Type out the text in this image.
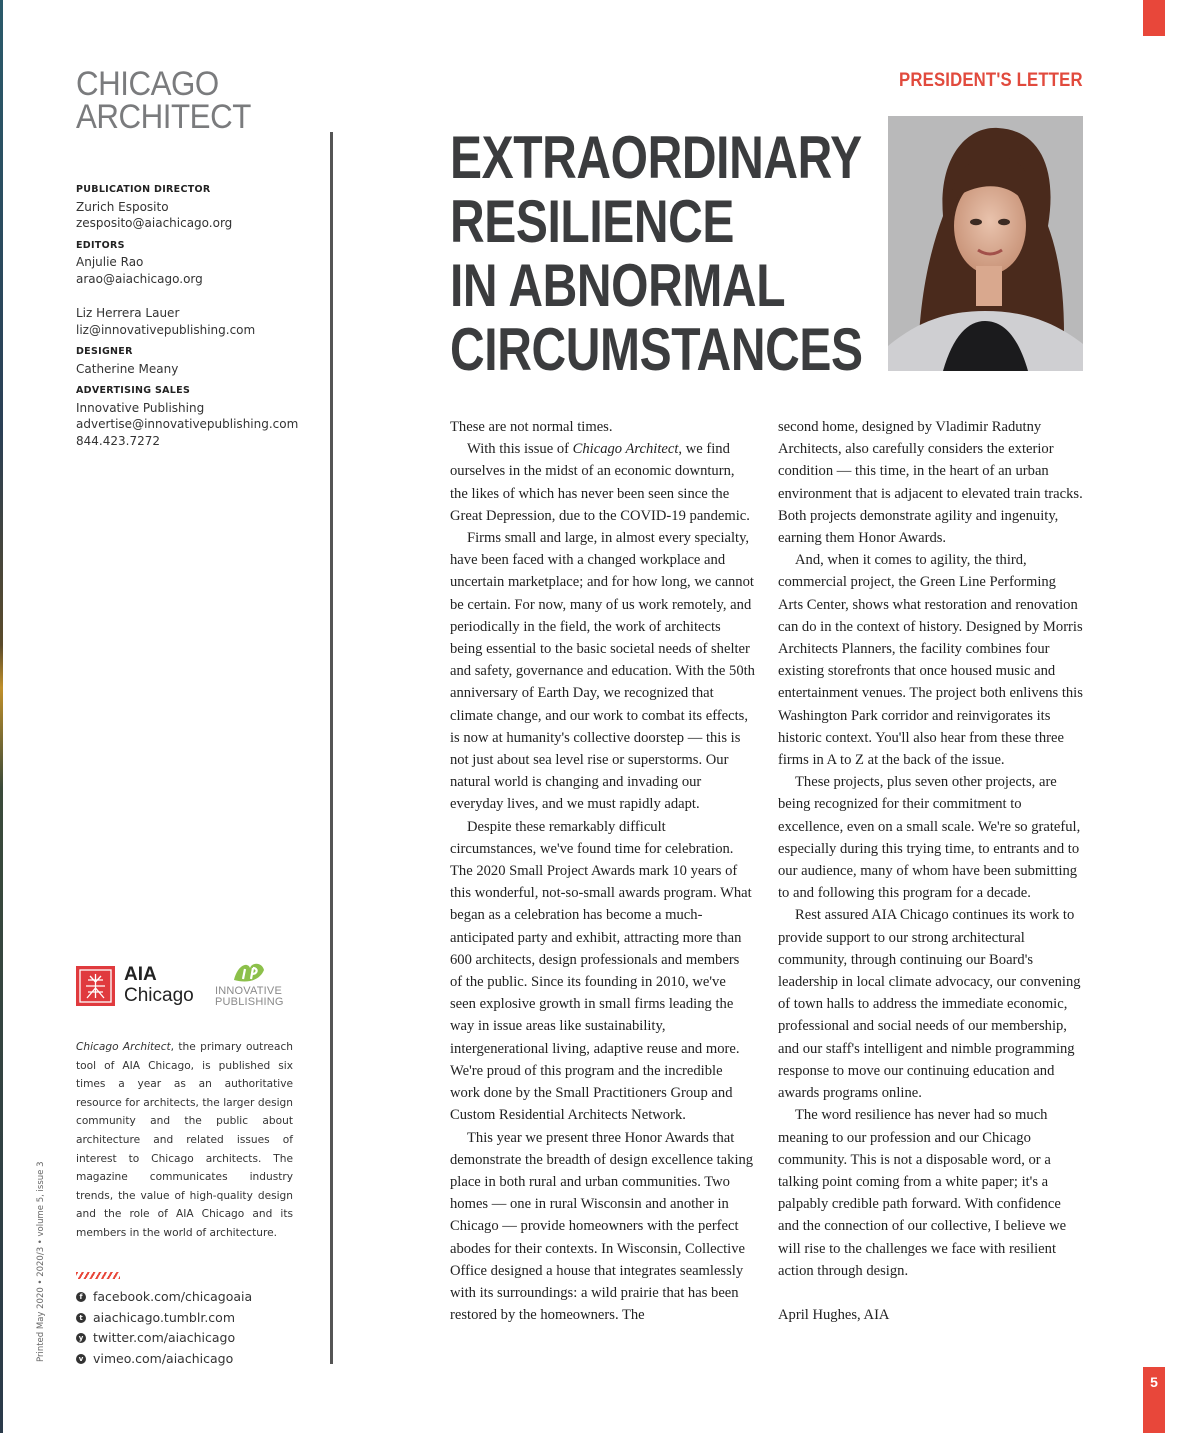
5
CHICAGO
ARCHITECT
PUBLICATION DIRECTOR
Zurich Esposito
zesposito@aiachicago.org
EDITORS
Anjulie Rao
arao@aiachicago.org
Liz Herrera Lauer
liz@innovativepublishing.com
DESIGNER
Catherine Meany
ADVERTISING SALES
Innovative Publishing
advertise@innovativepublishing.com
844.423.7272
AIA
Chicago INNOVATIVE
PUBLISHING
Chicago Architect, the primary outreach tool of AIA Chicago, is published six times a year as an authoritative resource for architects, the larger design community and the public about architecture and related issues of interest to Chicago architects. The magazine communicates industry trends, the value of high-quality design and the role of AIA Chicago and its members in the world of architecture.
f facebook.com/chicagoaia
t aiachicago.tumblr.com
y twitter.com/aiachicago
v vimeo.com/aiachicago
Printed May 2020 • 2020/3 • volume 5, issue 3
PRESIDENT'S LETTER
EXTRAORDINARY
RESILIENCE
IN ABNORMAL
CIRCUMSTANCES

These are not normal times.

With this issue of Chicago Architect, we find ourselves in the midst of an economic downturn, the likes of which has never been seen since the Great Depression, due to the COVID-19 pandemic.

Firms small and large, in almost every specialty, have been faced with a changed workplace and uncertain marketplace; and for how long, we cannot be certain. For now, many of us work remotely, and periodically in the field, the work of architects being essential to the basic societal needs of shelter and safety, governance and education. With the 50th anniversary of Earth Day, we recognized that climate change, and our work to combat its effects, is now at humanity's collective doorstep — this is not just about sea level rise or superstorms. Our natural world is changing and invading our everyday lives, and we must rapidly adapt.

Despite these remarkably difficult circumstances, we've found time for celebration. The 2020 Small Project Awards mark 10 years of this wonderful, not-so-small awards program. What began as a celebration has become a much-anticipated party and exhibit, attracting more than 600 architects, design professionals and members of the public. Since its founding in 2010, we've seen explosive growth in small firms leading the way in issue areas like sustainability, intergenerational living, adaptive reuse and more. We're proud of this program and the incredible work done by the Small Practitioners Group and Custom Residential Architects Network.

This year we present three Honor Awards that demonstrate the breadth of design excellence taking place in both rural and urban communities. Two homes — one in rural Wisconsin and another in Chicago — provide homeowners with the perfect abodes for their contexts. In Wisconsin, Collective Office designed a house that integrates seamlessly with its surroundings: a wild prairie that has been restored by the homeowners. The

second home, designed by Vladimir Radutny Architects, also carefully considers the exterior condition — this time, in the heart of an urban environment that is adjacent to elevated train tracks. Both projects demonstrate agility and ingenuity, earning them Honor Awards.

And, when it comes to agility, the third, commercial project, the Green Line Performing Arts Center, shows what restoration and renovation can do in the context of history. Designed by Morris Architects Planners, the facility combines four existing storefronts that once housed music and entertainment venues. The project both enlivens this Washington Park corridor and reinvigorates its historic context. You'll also hear from these three firms in A to Z at the back of the issue.

These projects, plus seven other projects, are being recognized for their commitment to excellence, even on a small scale. We're so grateful, especially during this trying time, to entrants and to our audience, many of whom have been submitting to and following this program for a decade.

Rest assured AIA Chicago continues its work to provide support to our strong architectural community, through continuing our Board's leadership in local climate advocacy, our convening of town halls to address the immediate economic, professional and social needs of our membership, and our staff's intelligent and nimble programming response to move our continuing education and awards programs online.

The word resilience has never had so much meaning to our profession and our Chicago community. This is not a disposable word, or a talking point coming from a white paper; it's a palpably credible path forward. With confidence and the connection of our collective, I believe we will rise to the challenges we face with resilient action through design.

April Hughes, AIA
